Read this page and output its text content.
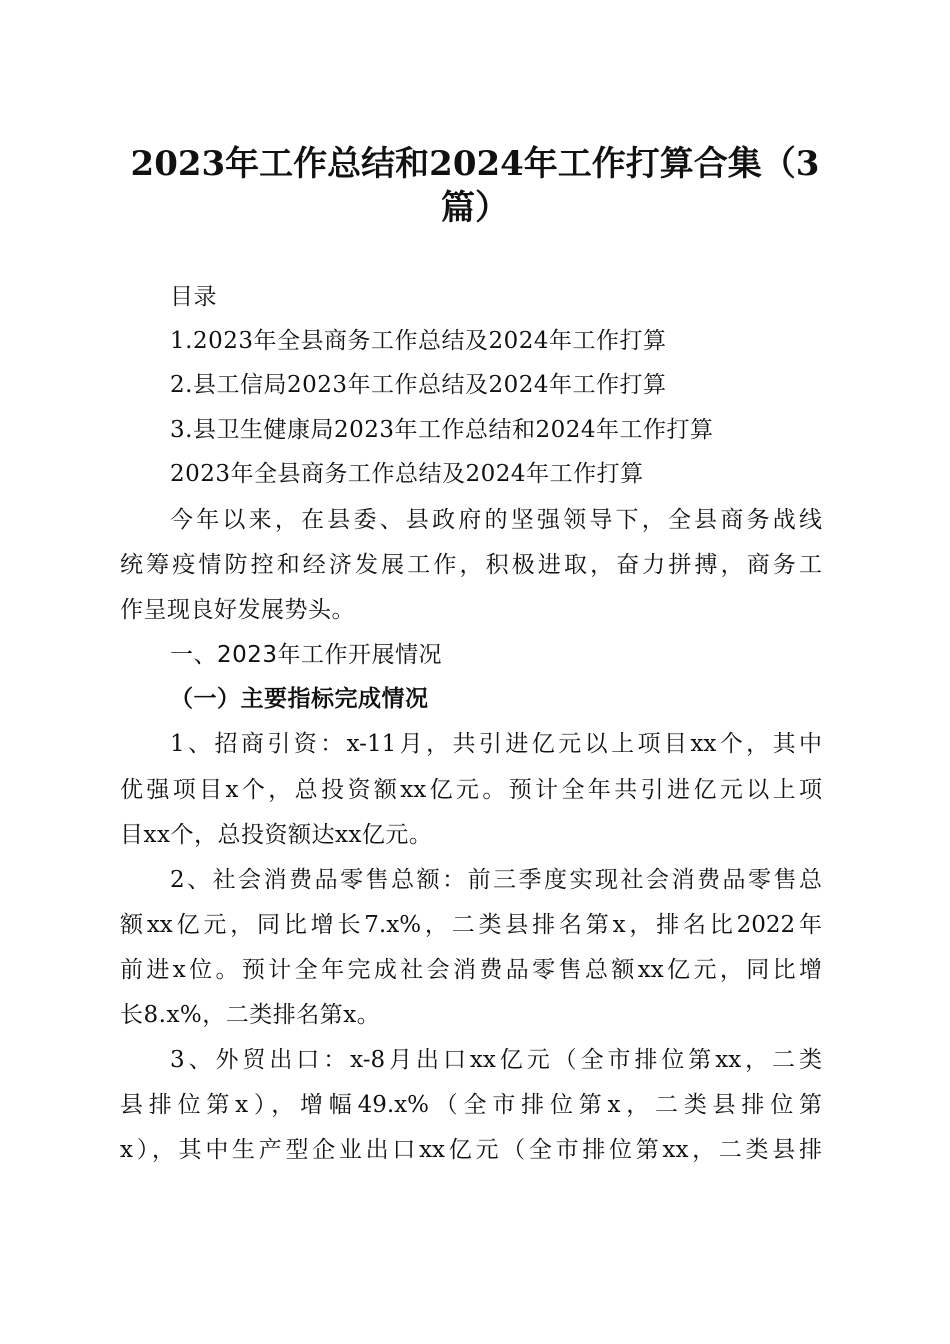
2023年工作总结和2024年工作打算合集（3
篇）
目录
1.2023年全县商务工作总结及2024年工作打算
2.县工信局2023年工作总结及2024年工作打算
3.县卫生健康局2023年工作总结和2024年工作打算
2023年全县商务工作总结及2024年工作打算
今年以来，在县委、县政府的坚强领导下，全县商务战线
统筹疫情防控和经济发展工作，积极进取，奋力拼搏，商务工
作呈现良好发展势头。
一、2023年工作开展情况
（一）主要指标完成情况
1、招商引资：x-11月，共引进亿元以上项目xx个，其中
优强项目x个，总投资额xx亿元。预计全年共引进亿元以上项
目xx个，总投资额达xx亿元。
2、社会消费品零售总额：前三季度实现社会消费品零售总
额xx亿元，同比增长7.x%，二类县排名第x，排名比2022年
前进x位。预计全年完成社会消费品零售总额xx亿元，同比增
长8.x%，二类排名第x。
3、外贸出口：x-8月出口xx亿元（全市排位第xx，二类
县排位第x），增幅49.x%（全市排位第x，二类县排位第
x），其中生产型企业出口xx亿元（全市排位第xx，二类县排
